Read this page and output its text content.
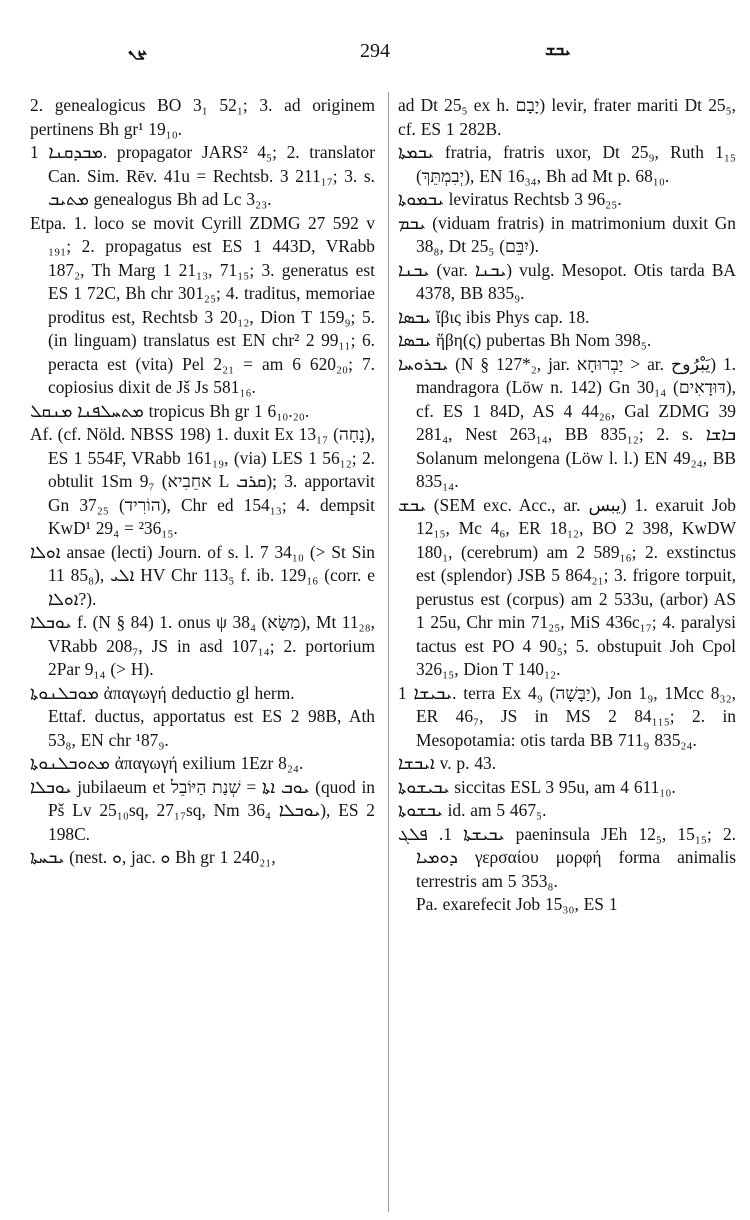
ܨܢ	294	ܝܒܫ

2. genealogicus BO 3₁ 52₁; 3. ad originem pertinens Bh gr¹ 19₁₀.

ܡܒܕܩܢܐ 1. propagator JARS² 4₅; 2. translator Can. Sim. Rēv. 41u = Rechtsb. 3 211₁₇; 3. s. ܡܬܝܒ genealogus Bh ad Lc 3₂₃.

Etpa. 1. loco se movit Cyrill ZDMG 27 592 v ₁₉₁; 2. propagatus est ES 1 443D, VRabb 187₂, Th Marg 1 21₁₃, 71₁₅; 3. generatus est ES 1 72C, Bh chr 301₂₅; 4. traditus, memoriae proditus est, Rechtsb 3 20₁₂, Dion T 159₉; 5. (in linguam) translatus est EN chr² 2 99₁₁; 6. peracta est (vita) Pel 2₂₁ = am 6 620₂₀; 7. copiosius dixit de Jš Js 581₁₆.

ܡܬܚܠܦܢܐ ܡܢܩܠ tropicus Bh gr 1 6₁₀.₂₀.

Af. (cf. Nöld. NBSS 198) 1. duxit Ex 13₁₇ (נָחָה), ES 1 554F, VRabb 161₁₉, (via) LES 1 56₁₂; 2. obtulit 1Sm 9₇ (אחֵבִיא L ܩܪܒ); 3. apportavit Gn 37₂₅ (הוֹרִיד), Chr ed 154₁₃; 4. dempsit KwD¹ 29₄ = ²36₁₅.

ܐܘܠܐ ansae (lecti) Journ. of s. l. 7 34₁₀ (> St Sin 11 85₈), ܐܠܝ HV Chr 113₅ f. ib. 129₁₆ (corr. e ܐܘܠܐ?).

ܝܘܒܠܐ f. (N § 84) 1. onus ψ 38₄ (מַשָּׂא), Mt 11₂₈, VRabb 208₇, JS in asd 107₁₄; 2. portorium 2Par 9₁₄ (> H).

ܡܘܒܠܢܘܬܐ ἀπαγωγή deductio gl herm.

Ettaf. ductus, apportatus est ES 2 98B, Ath 53₈, EN chr ¹87₉.

ܡܬܘܒܠܢܘܬܐ ἀπαγωγή exilium 1Ezr 8₂₄.

ܝܘܒܠܐ jubilaeum et ܝܘܒ ܐܬܐ = שְׁנַת הַיּוֹבֵל (quod in Pš Lv 25₁₀sq, 27₁₇sq, Nm 36₄ ܝܘܒܠܐ), ES 2 198C.

ܝܒܚܬܐ (nest. ܘ, jac. ܘ Bh gr 1 240₂₁,

ad Dt 25₅ ex h. יָבָם) levir, frater mariti Dt 25₅, cf. ES 1 282B.

ܝܒܡܬܐ fratria, fratris uxor, Dt 25₉, Ruth 1₁₅ (יְבִמְתֵּךְ), EN 16₃₄, Bh ad Mt p. 68₁₀.

ܝܒܡܘܬܐ leviratus Rechtsb 3 96₂₅.

ܝܒܡ (viduam fratris) in matrimonium duxit Gn 38₈, Dt 25₅ (יִבֵּם).

ܝܒܢܐ (var. ܝܒܢܐ) vulg. Mesopot. Otis tarda BA 4378, BB 835₉.

ܝܒܣܐ ἴβις ibis Phys cap. 18.

ܝܒܣܐ ἥβη(ς) pubertas Bh Nom 398₅.

ܝܒܪܘܚܐ (N § 127*₂, jar. יַבְרוּחָא > ar. يَبْرُوح) 1. mandragora (Löw n. 142) Gn 30₁₄ (דּוּדָאִים), cf. ES 1 84D, AS 4 44₂₆, Gal ZDMG 39 281₄, Nest 263₁₄, BB 835₁₂; 2. s. ܒܐܫܐ Solanum melongena (Löw l. l.) EN 49₂₄, BB 835₁₄.

ܝܒܫ (SEM exc. Acc., ar. يبس) 1. exaruit Job 12₁₅, Mc 4₆, ER 18₁₂, BO 2 398, KwDW 180₁, (cerebrum) am 2 589₁₆; 2. exstinctus est (splendor) JSB 5 864₂₁; 3. frigore torpuit, perustus est (corpus) am 2 533u, (arbor) AS 1 25u, Chr min 71₂₅, MiS 436c₁₇; 4. paralysi tactus est PO 4 90₅; 5. obstupuit Joh Cpol 326₁₅, Dion T 140₁₂.

ܝܒܝܫܐ 1. terra Ex 4₉ (יַבָּשָׁה), Jon 1₉, 1Mcc 8₃₂, ER 46₇, JS in MS 2 84₁₁₅; 2. in Mesopotamia: otis tarda BB 711₉ 835₂₄.

ܐܝܒܫܐ v. p. 43.

ܝܒܝܫܘܬܐ siccitas ESL 3 95u, am 4 611₁₀.

ܝܒܫܘܬܐ id. am 5 467₅.

ܝܒܝܫܬܐ 1. ܦܠܓ paeninsula JEh 12₅, 15₁₅; 2. ܕܘܡܝܐ γερσαίου μορφή forma animalis terrestris am 5 353₈.

Pa. exarefecit Job 15₃₀, ES 1
